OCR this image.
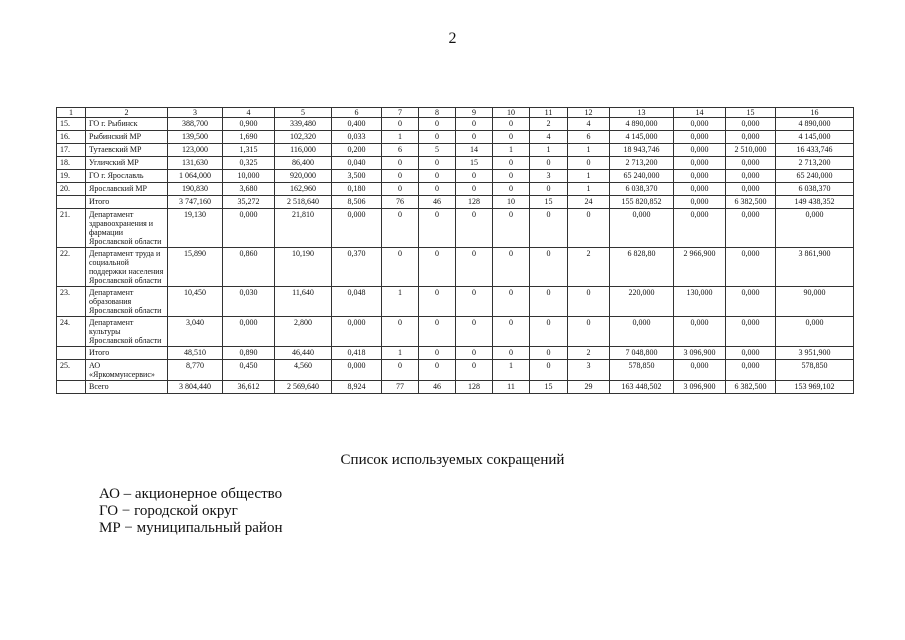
2
1	2	3	4	5	6	7	8	9	10	11	12	13	14	15	16
15.	ГО г. Рыбинск	388,700	0,900	339,480	0,400	0	0	0	0	2	4	4 890,000	0,000	0,000	4 890,000
16.	Рыбинский МР	139,500	1,690	102,320	0,033	1	0	0	0	4	6	4 145,000	0,000	0,000	4 145,000
17.	Тутаевский МР	123,000	1,315	116,000	0,200	6	5	14	1	1	1	18 943,746	0,000	2 510,000	16 433,746
18.	Угличский МР	131,630	0,325	86,400	0,040	0	0	15	0	0	0	2 713,200	0,000	0,000	2 713,200
19.	ГО г. Ярославль	1 064,000	10,000	920,000	3,500	0	0	0	0	3	1	65 240,000	0,000	0,000	65 240,000
20.	Ярославский МР	190,830	3,680	162,960	0,180	0	0	0	0	0	1	6 038,370	0,000	0,000	6 038,370
	Итого	3 747,160	35,272	2 518,640	8,506	76	46	128	10	15	24	155 820,852	0,000	6 382,500	149 438,352
21.	Департамент здравоохранения и фармации Ярославской области	19,130	0,000	21,810	0,000	0	0	0	0	0	0	0,000	0,000	0,000	0,000
22.	Департамент труда и социальной поддержки населения Ярославской области	15,890	0,860	10,190	0,370	0	0	0	0	0	2	6 828,80	2 966,900	0,000	3 861,900
23.	Департамент образования Ярославской области	10,450	0,030	11,640	0,048	1	0	0	0	0	0	220,000	130,000	0,000	90,000
24.	Департамент культуры Ярославской области	3,040	0,000	2,800	0,000	0	0	0	0	0	0	0,000	0,000	0,000	0,000
	Итого	48,510	0,890	46,440	0,418	1	0	0	0	0	2	7 048,800	3 096,900	0,000	3 951,900
25.	АО «Яркоммунсервис»	8,770	0,450	4,560	0,000	0	0	0	1	0	3	578,850	0,000	0,000	578,850
	Всего	3 804,440	36,612	2 569,640	8,924	77	46	128	11	15	29	163 448,502	3 096,900	6 382,500	153 969,102
Список используемых сокращений
АО – акционерное общество
ГО − городской округ
МР − муниципальный район
